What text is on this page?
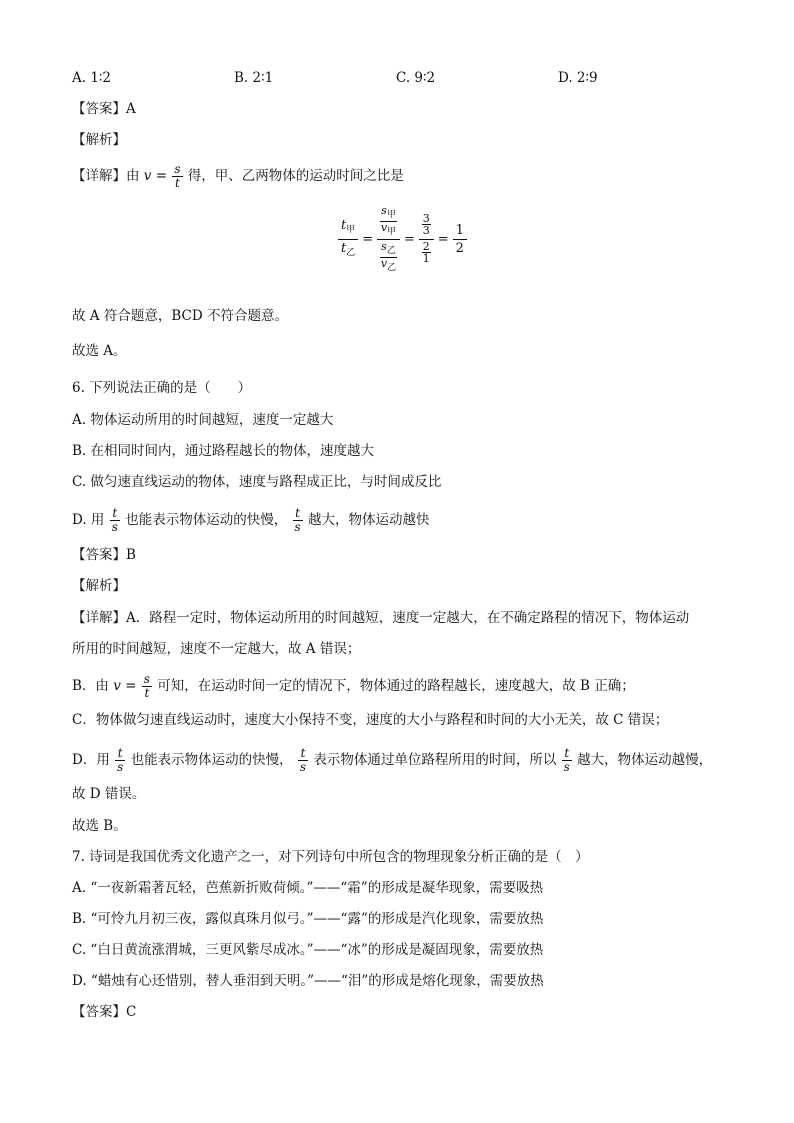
A. 1∶2	B. 2∶1	C. 9∶2	D. 2∶9
【答案】A
【解析】
【详解】由 $v = \frac{s}{t}$ 得，甲、乙两物体的运动时间之比是
$t_甲$
$t_乙$
=
$s_甲$
$v_甲$
$s_乙$
$v_乙$
=
$\frac{3}{3}$
$\frac{2}{1}$
=
1
2
故 A 符合题意，BCD 不符合题意。
故选 A。
6. 下列说法正确的是（　　）
A. 物体运动所用的时间越短，速度一定越大
B. 在相同时间内，通过路程越长的物体，速度越大
C. 做匀速直线运动的物体，速度与路程成正比，与时间成反比
D. 用 $\frac{t}{s}$ 也能表示物体运动的快慢， $\frac{t}{s}$ 越大，物体运动越快
【答案】B
【解析】
【详解】A．路程一定时，物体运动所用的时间越短，速度一定越大，在不确定路程的情况下，物体运动
所用的时间越短，速度不一定越大，故 A 错误；
B．由 $v = \frac{s}{t}$ 可知，在运动时间一定的情况下，物体通过的路程越长，速度越大，故 B 正确；
C．物体做匀速直线运动时，速度大小保持不变，速度的大小与路程和时间的大小无关，故 C 错误；
D．用 $\frac{t}{s}$ 也能表示物体运动的快慢， $\frac{t}{s}$ 表示物体通过单位路程所用的时间，所以 $\frac{t}{s}$ 越大，物体运动越慢，
故 D 错误。
故选 B。
7. 诗词是我国优秀文化遗产之一，对下列诗句中所包含的物理现象分析正确的是（　）
A. “一夜新霜著瓦轻，芭蕉新折败荷倾。”——“霜”的形成是凝华现象，需要吸热
B. “可怜九月初三夜，露似真珠月似弓。”——“露”的形成是汽化现象，需要放热
C. “白日黄流涨渭城，三更风紫尽成冰。”——“冰”的形成是凝固现象，需要放热
D. “蜡烛有心还惜别，替人垂泪到天明。”——“泪”的形成是熔化现象，需要放热
【答案】C
